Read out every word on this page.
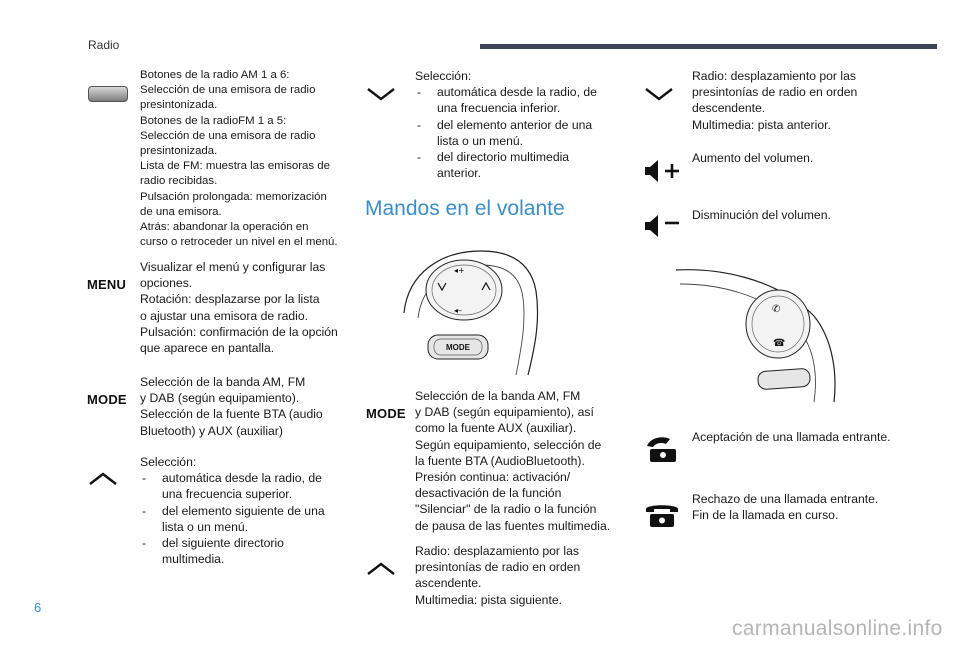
Radio
Botones de la radio AM 1 a 6:
Selección de una emisora de radio
presintonizada.
Botones de la radioFM 1 a 5:
Selección de una emisora de radio
presintonizada.
Lista de FM: muestra las emisoras de
radio recibidas.
Pulsación prolongada: memorización
de una emisora.
Atrás: abandonar la operación en
curso o retroceder un nivel en el menú.
MENU
Visualizar el menú y configurar las
opciones.
Rotación: desplazarse por la lista
o ajustar una emisora de radio.
Pulsación: confirmación de la opción
que aparece en pantalla.
MODE
Selección de la banda AM, FM
y DAB (según equipamiento).
Selección de la fuente BTA (audio
Bluetooth) y AUX (auxiliar)
Selección:
- automática desde la radio, de
una frecuencia superior.
- del elemento siguiente de una
lista o un menú.
- del siguiente directorio
multimedia.
Selección:
- automática desde la radio, de
una frecuencia inferior.
- del elemento anterior de una
lista o un menú.
- del directorio multimedia
anterior.
Mandos en el volante
◂+
◂–
MODE
MODE
Selección de la banda AM, FM
y DAB (según equipamiento), así
como la fuente AUX (auxiliar).
Según equipamiento, selección de
la fuente BTA (AudioBluetooth).
Presión continua: activación/
desactivación de la función
"Silenciar" de la radio o la función
de pausa de las fuentes multimedia.
Radio: desplazamiento por las
presintonías de radio en orden
ascendente.
Multimedia: pista siguiente.
Radio: desplazamiento por las
presintonías de radio en orden
descendente.
Multimedia: pista anterior.
Aumento del volumen.
Disminución del volumen.
✆
☎
Aceptación de una llamada entrante.
Rechazo de una llamada entrante.
Fin de la llamada en curso.
6
carmanualsonline.info
